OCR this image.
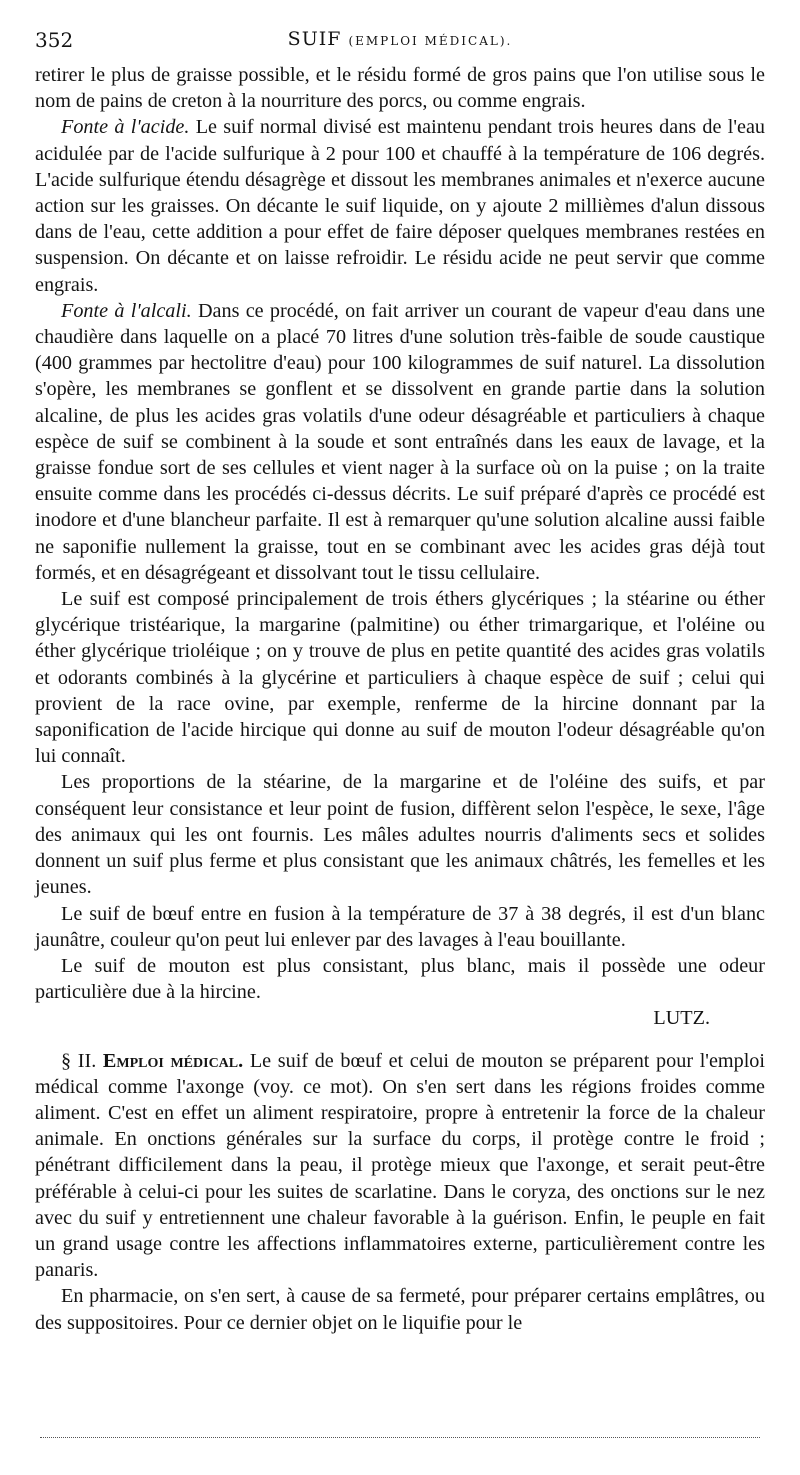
352	SUIF (EMPLOI MÉDICAL).

retirer le plus de graisse possible, et le résidu formé de gros pains que l'on utilise sous le nom de pains de creton à la nourriture des porcs, ou comme engrais.

Fonte à l'acide. Le suif normal divisé est maintenu pendant trois heures dans de l'eau acidulée par de l'acide sulfurique à 2 pour 100 et chauffé à la température de 106 degrés. L'acide sulfurique étendu désagrège et dissout les membranes animales et n'exerce aucune action sur les graisses. On décante le suif liquide, on y ajoute 2 millièmes d'alun dissous dans de l'eau, cette addition a pour effet de faire déposer quelques membranes restées en suspension. On décante et on laisse refroidir. Le résidu acide ne peut servir que comme engrais.

Fonte à l'alcali. Dans ce procédé, on fait arriver un courant de vapeur d'eau dans une chaudière dans laquelle on a placé 70 litres d'une solution très-faible de soude caustique (400 grammes par hectolitre d'eau) pour 100 kilogrammes de suif naturel. La dissolution s'opère, les membranes se gonflent et se dissolvent en grande partie dans la solution alcaline, de plus les acides gras volatils d'une odeur désagréable et particuliers à chaque espèce de suif se combinent à la soude et sont entraînés dans les eaux de lavage, et la graisse fondue sort de ses cellules et vient nager à la surface où on la puise ; on la traite ensuite comme dans les procédés ci-dessus décrits. Le suif préparé d'après ce procédé est inodore et d'une blancheur parfaite. Il est à remarquer qu'une solution alcaline aussi faible ne saponifie nullement la graisse, tout en se combinant avec les acides gras déjà tout formés, et en désagrégeant et dissolvant tout le tissu cellulaire.

Le suif est composé principalement de trois éthers glycériques ; la stéarine ou éther glycérique tristéarique, la margarine (palmitine) ou éther trimargarique, et l'oléine ou éther glycérique trioléique ; on y trouve de plus en petite quantité des acides gras volatils et odorants combinés à la glycérine et particuliers à chaque espèce de suif ; celui qui provient de la race ovine, par exemple, renferme de la hircine donnant par la saponification de l'acide hircique qui donne au suif de mouton l'odeur désagréable qu'on lui connaît.

Les proportions de la stéarine, de la margarine et de l'oléine des suifs, et par conséquent leur consistance et leur point de fusion, diffèrent selon l'espèce, le sexe, l'âge des animaux qui les ont fournis. Les mâles adultes nourris d'aliments secs et solides donnent un suif plus ferme et plus consistant que les animaux châtrés, les femelles et les jeunes.

Le suif de bœuf entre en fusion à la température de 37 à 38 degrés, il est d'un blanc jaunâtre, couleur qu'on peut lui enlever par des lavages à l'eau bouillante.

Le suif de mouton est plus consistant, plus blanc, mais il possède une odeur particulière due à la hircine.

LUTZ.

§ II. Emploi médical. Le suif de bœuf et celui de mouton se préparent pour l'emploi médical comme l'axonge (voy. ce mot). On s'en sert dans les régions froides comme aliment. C'est en effet un aliment respiratoire, propre à entretenir la force de la chaleur animale. En onctions générales sur la surface du corps, il protège contre le froid ; pénétrant difficilement dans la peau, il protège mieux que l'axonge, et serait peut-être préférable à celui-ci pour les suites de scarlatine. Dans le coryza, des onctions sur le nez avec du suif y entretiennent une chaleur favorable à la guérison. Enfin, le peuple en fait un grand usage contre les affections inflammatoires externe, particulièrement contre les panaris.

En pharmacie, on s'en sert, à cause de sa fermeté, pour préparer certains emplâtres, ou des suppositoires. Pour ce dernier objet on le liquifie pour le
